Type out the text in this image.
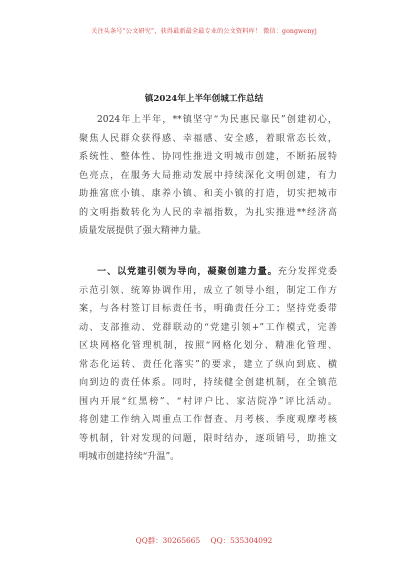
关注头条号“公文研究”，获得最新最全最专业的公文资料库！ 微信：gongwenyj
镇2024年上半年创城工作总结
2024年上半年，**镇坚守“为民惠民靠民”创建初心，
聚焦人民群众获得感、幸福感、安全感，着眼常态长效，
系统性、整体性、协同性推进文明城市创建，不断拓展特
色亮点，在服务大局推动发展中持续深化文明创建，有力
助推富庶小镇、康养小镇、和美小镇的打造，切实把城市
的文明指数转化为人民的幸福指数，为扎实推进**经济高
质量发展提供了强大精神力量。
一、以党建引领为导向，凝聚创建力量。充分发挥党委
示范引领、统筹协调作用，成立了领导小组，制定工作方
案，与各村签订目标责任书，明确责任分工；坚持党委带
动、支部推动、党群联动的“党建引领+”工作模式，完善
区块网格化管理机制，按照“网格化划分、精准化管理、
常态化运转、责任化落实”的要求，建立了纵向到底、横
向到边的责任体系。同时，持续健全创建机制，在全镇范
围内开展“红黑榜”、“村评户比、家洁院净”评比活动。
将创建工作纳入周重点工作督查、月考核、季度观摩考核
等机制，针对发现的问题，限时结办，逐项销号，助推文
明城市创建持续“升温”。
QQ群：30265665 QQ：535304092
